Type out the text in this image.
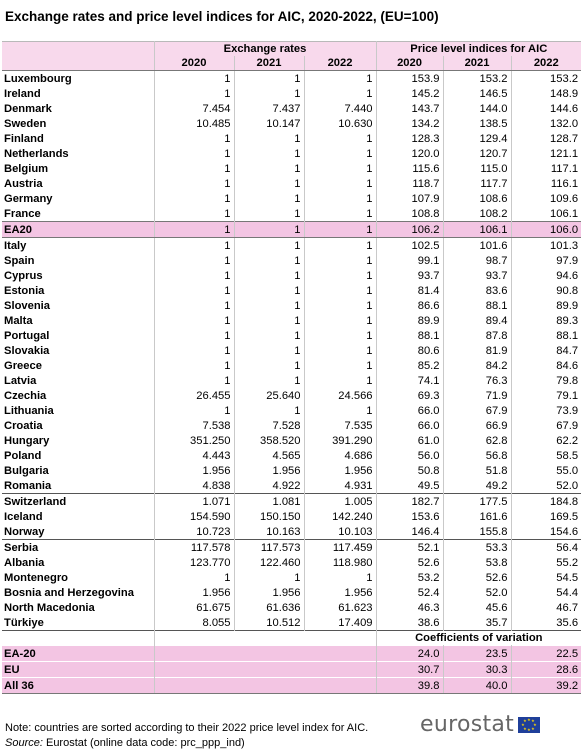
Exchange rates and price level indices for AIC, 2020-2022, (EU=100)
	Exchange rates			Price level indices for AIC		
	2020	2021	2022	2020	2021	2022
Luxembourg	1	1	1	153.9	153.2	153.2
Ireland	1	1	1	145.2	146.5	148.9
Denmark	7.454	7.437	7.440	143.7	144.0	144.6
Sweden	10.485	10.147	10.630	134.2	138.5	132.0
Finland	1	1	1	128.3	129.4	128.7
Netherlands	1	1	1	120.0	120.7	121.1
Belgium	1	1	1	115.6	115.0	117.1
Austria	1	1	1	118.7	117.7	116.1
Germany	1	1	1	107.9	108.6	109.6
France	1	1	1	108.8	108.2	106.1
EA20	1	1	1	106.2	106.1	106.0
Italy	1	1	1	102.5	101.6	101.3
Spain	1	1	1	99.1	98.7	97.9
Cyprus	1	1	1	93.7	93.7	94.6
Estonia	1	1	1	81.4	83.6	90.8
Slovenia	1	1	1	86.6	88.1	89.9
Malta	1	1	1	89.9	89.4	89.3
Portugal	1	1	1	88.1	87.8	88.1
Slovakia	1	1	1	80.6	81.9	84.7
Greece	1	1	1	85.2	84.2	84.6
Latvia	1	1	1	74.1	76.3	79.8
Czechia	26.455	25.640	24.566	69.3	71.9	79.1
Lithuania	1	1	1	66.0	67.9	73.9
Croatia	7.538	7.528	7.535	66.0	66.9	67.9
Hungary	351.250	358.520	391.290	61.0	62.8	62.2
Poland	4.443	4.565	4.686	56.0	56.8	58.5
Bulgaria	1.956	1.956	1.956	50.8	51.8	55.0
Romania	4.838	4.922	4.931	49.5	49.2	52.0
Switzerland	1.071	1.081	1.005	182.7	177.5	184.8
Iceland	154.590	150.150	142.240	153.6	161.6	169.5
Norway	10.723	10.163	10.103	146.4	155.8	154.6
Serbia	117.578	117.573	117.459	52.1	53.3	56.4
Albania	123.770	122.460	118.980	52.6	53.8	55.2
Montenegro	1	1	1	53.2	52.6	54.5
Bosnia and Herzegovina	1.956	1.956	1.956	52.4	52.0	54.4
North Macedonia	61.675	61.636	61.623	46.3	45.6	46.7
Türkiye	8.055	10.512	17.409	38.6	35.7	35.6
				Coefficients of variation		
EA-20				24.0	23.5	22.5
EU				30.7	30.3	28.6
All 36				39.8	40.0	39.2
Note: countries are sorted according to their 2022 price level index for AIC.
Source: Eurostat (online data code: prc_ppp_ind)
eurostat	★ ★
★
★
★
★
★
★
